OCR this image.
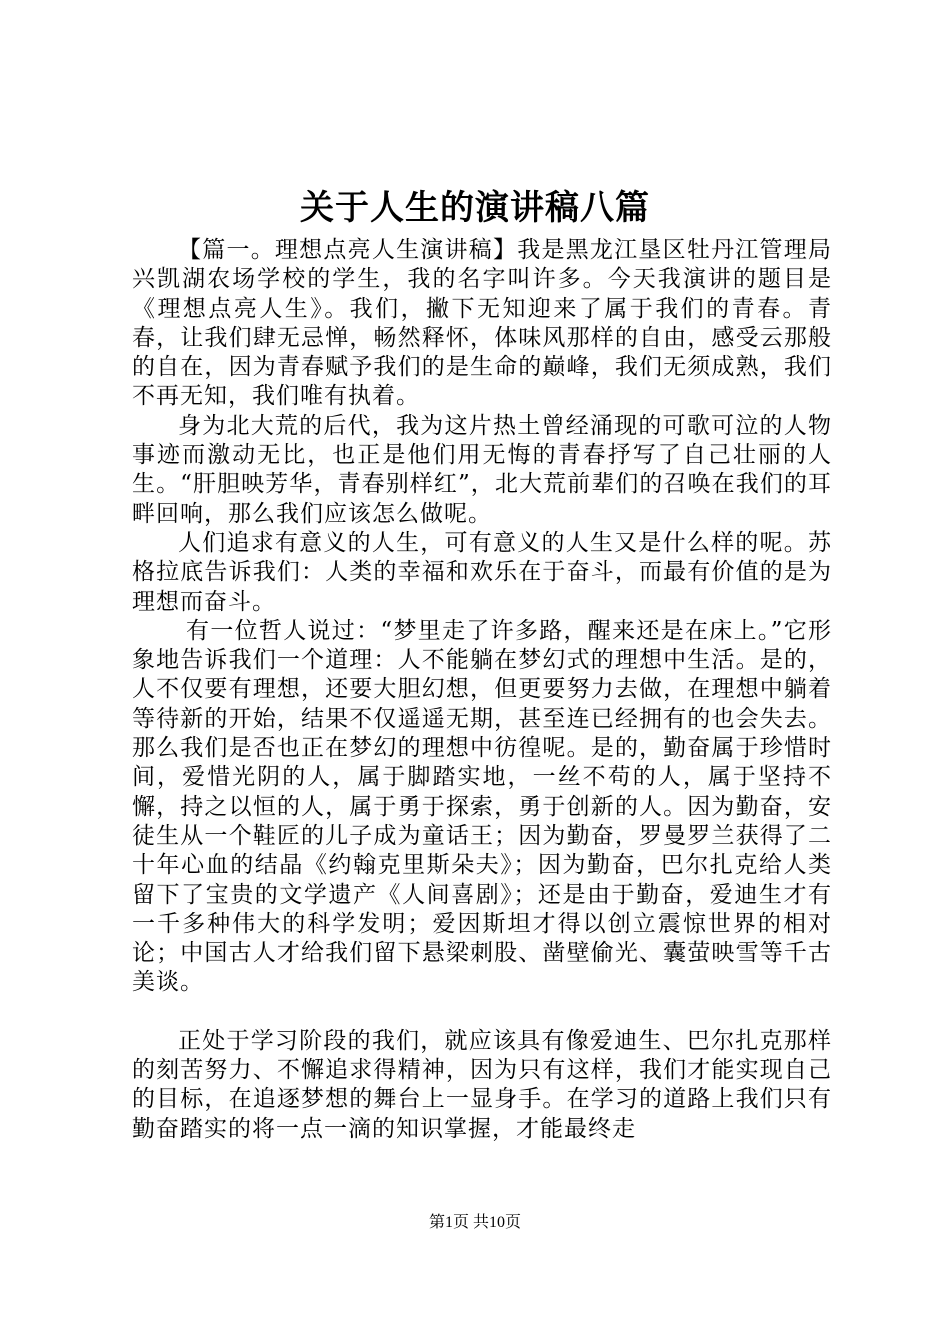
关于人生的演讲稿八篇

【篇一。理想点亮人生演讲稿】我是黑龙江垦区牡丹江管理局兴凯湖农场学校的学生，我的名字叫许多。今天我演讲的题目是《理想点亮人生》。我们，撇下无知迎来了属于我们的青春。青春，让我们肆无忌惮，畅然释怀，体味风那样的自由，感受云那般的自在，因为青春赋予我们的是生命的巅峰，我们无须成熟，我们不再无知，我们唯有执着。

身为北大荒的后代，我为这片热土曾经涌现的可歌可泣的人物事迹而激动无比，也正是他们用无悔的青春抒写了自己壮丽的人生。“肝胆映芳华，青春别样红”，北大荒前辈们的召唤在我们的耳畔回响，那么我们应该怎么做呢。

人们追求有意义的人生，可有意义的人生又是什么样的呢。苏格拉底告诉我们：人类的幸福和欢乐在于奋斗，而最有价值的是为理想而奋斗。

有一位哲人说过：“梦里走了许多路，醒来还是在床上。”它形象地告诉我们一个道理：人不能躺在梦幻式的理想中生活。是的，人不仅要有理想，还要大胆幻想，但更要努力去做，在理想中躺着等待新的开始，结果不仅遥遥无期，甚至连已经拥有的也会失去。那么我们是否也正在梦幻的理想中彷徨呢。是的，勤奋属于珍惜时间，爱惜光阴的人，属于脚踏实地，一丝不苟的人，属于坚持不懈，持之以恒的人，属于勇于探索，勇于创新的人。因为勤奋，安徒生从一个鞋匠的儿子成为童话王；因为勤奋，罗曼罗兰获得了二十年心血的结晶《约翰克里斯朵夫》；因为勤奋，巴尔扎克给人类留下了宝贵的文学遗产《人间喜剧》；还是由于勤奋，爱迪生才有一千多种伟大的科学发明；爱因斯坦才得以创立震惊世界的相对论；中国古人才给我们留下悬梁刺股、凿壁偷光、囊萤映雪等千古美谈。

正处于学习阶段的我们，就应该具有像爱迪生、巴尔扎克那样的刻苦努力、不懈追求得精神，因为只有这样，我们才能实现自己的目标，在追逐梦想的舞台上一显身手。在学习的道路上我们只有勤奋踏实的将一点一滴的知识掌握，才能最终走

第1页 共10页
